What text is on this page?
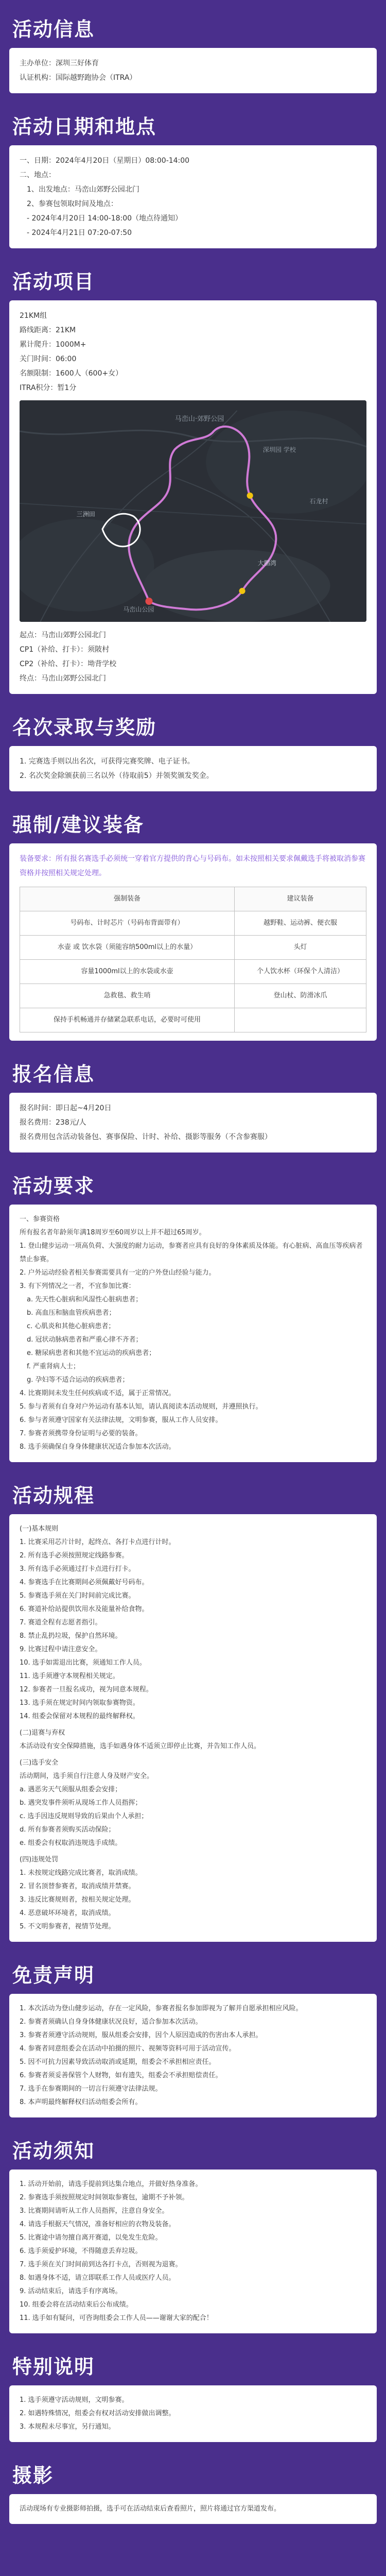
活动信息
主办单位： 深圳三好体育
认证机构： 国际越野跑协会（ITRA）
活动日期和地点
一、日期： 2024年4月20日（星期日）08:00-14:00
二、地点：
1、出发地点：马峦山郊野公园北门
2、参赛包领取时间及地点：
- 2024年4月20日 14:00-18:00（地点待通知）
- 2024年4月21日 07:20-07:50
活动项目
21KM组
路线距离：21KM
累计爬升：1000M+
关门时间：06:00
名额限制：1600人（600+女）
ITRA积分：暂1分
马峦山·郊野公园
深圳园 学校
三洲田
大鹏湾
石龙村
马峦山公园
起点：马峦山郊野公园北门
CP1（补给、打卡）：须陂村
CP2（补给、打卡）：坳背学校
终点：马峦山郊野公园北门
名次录取与奖励
1. 完赛选手则以出名次，可获得完赛奖牌、电子证书。
2. 名次奖金除颁获前三名以外（待取前5）并领奖颁发奖金。
强制/建议装备
装备要求：所有报名赛选手必须统一穿着官方提供的背心与号码布。如未按照相关要求佩戴选手将被取消参赛资格并按照相关规定处理。
强制装备	建议装备
号码布、计时芯片（号码布背面带有）	越野鞋、运动裤、便衣服
水壶 或 饮水袋（须能容纳500ml以上的水量）	头灯
容量1000ml以上的水袋或水壶	个人饮水杯（环保个人清洁）
急救毯、救生哨	登山杖、防滑冰爪
保持手机畅通并存储紧急联系电话，必要时可使用	
报名信息
报名时间：即日起~4月20日
报名费用：238元/人
报名费用包含活动装备包、赛事保险、计时、补给、摄影等服务（不含参赛服）
活动要求
一、参赛资格
所有报名者年龄须年满18周岁至60周岁以上并不超过65周岁。
1. 登山健步运动一项高负荷、大强度的耐力运动，参赛者应具有良好的身体素质及体能。有心脏病、高血压等疾病者禁止参赛。
2. 户外运动经验者相关参赛需要具有一定的户外登山经验与能力。
3. 有下列情况之一者，不宜参加比赛：
a. 先天性心脏病和风湿性心脏病患者；
b. 高血压和脑血管疾病患者；
c. 心肌炎和其他心脏病患者；
d. 冠状动脉病患者和严重心律不齐者；
e. 糖尿病患者和其他不宜运动的疾病患者；
f. 严重肾病人士；
g. 孕妇等不适合运动的疾病患者；
4. 比赛期间未发生任何疾病或不适，属于正常情况。
5. 参与者须有自身对户外运动有基本认知，请认真阅读本活动规则，并遵照执行。
6. 参与者须遵守国家有关法律法规，文明参赛，服从工作人员安排。
7. 参赛者须携带身份证明与必要的装备。
8. 选手须确保自身身体健康状况适合参加本次活动。
活动规程
(一)基本规则
1. 比赛采用芯片计时，起终点、各打卡点进行计时。
2. 所有选手必须按照规定线路参赛。
3. 所有选手必须通过打卡点进行打卡。
4. 参赛选手在比赛期间必须佩戴好号码布。
5. 参赛选手须在关门时间前完成比赛。
6. 赛道补给站提供饮用水及能量补给食物。
7. 赛道全程有志愿者指引。
8. 禁止乱扔垃圾，保护自然环境。
9. 比赛过程中请注意安全。
10. 选手如需退出比赛，须通知工作人员。
11. 选手须遵守本规程相关规定。
12. 参赛者一旦报名成功，视为同意本规程。
13. 选手须在规定时间内领取参赛物资。
14. 组委会保留对本规程的最终解释权。
(二)退赛与弃权
本活动设有安全保障措施，选手如遇身体不适须立即停止比赛，并告知工作人员。
(三)选手安全
活动期间，选手须自行注意人身及财产安全。
a. 遇恶劣天气须服从组委会安排；
b. 遇突发事件须听从现场工作人员指挥；
c. 选手因违反规则导致的后果由个人承担；
d. 所有参赛者须购买活动保险；
e. 组委会有权取消违规选手成绩。
(四)违规处罚
1. 未按规定线路完成比赛者，取消成绩。
2. 冒名顶替参赛者，取消成绩并禁赛。
3. 违反比赛规则者，按相关规定处理。
4. 恶意破坏环境者，取消成绩。
5. 不文明参赛者，视情节处理。
免责声明
1. 本次活动为登山健步运动，存在一定风险，参赛者报名参加即视为了解并自愿承担相应风险。
2. 参赛者须确认自身身体健康状况良好，适合参加本次活动。
3. 参赛者须遵守活动规则，服从组委会安排，因个人原因造成的伤害由本人承担。
4. 参赛者同意组委会在活动中拍摄的照片、视频等资料可用于活动宣传。
5. 因不可抗力因素导致活动取消或延期，组委会不承担相应责任。
6. 参赛者须妥善保管个人财物，如有遗失，组委会不承担赔偿责任。
7. 选手在参赛期间的一切言行须遵守法律法规。
8. 本声明最终解释权归活动组委会所有。
活动须知
1. 活动开始前，请选手提前到达集合地点，并做好热身准备。
2. 参赛选手须按照规定时间领取参赛包，逾期不予补领。
3. 比赛期间请听从工作人员指挥，注意自身安全。
4. 请选手根据天气情况，准备好相应的衣物及装备。
5. 比赛途中请勿擅自离开赛道，以免发生危险。
6. 选手须爱护环境，不得随意丢弃垃圾。
7. 选手须在关门时间前到达各打卡点，否则视为退赛。
8. 如遇身体不适，请立即联系工作人员或医疗人员。
9. 活动结束后，请选手有序离场。
10. 组委会将在活动结束后公布成绩。
11. 选手如有疑问，可咨询组委会工作人员——谢谢大家的配合！
特别说明
1. 选手须遵守活动规则，文明参赛。
2. 如遇特殊情况，组委会有权对活动安排做出调整。
3. 本规程未尽事宜，另行通知。
摄影
活动现场有专业摄影师拍摄，选手可在活动结束后查看照片，照片将通过官方渠道发布。
